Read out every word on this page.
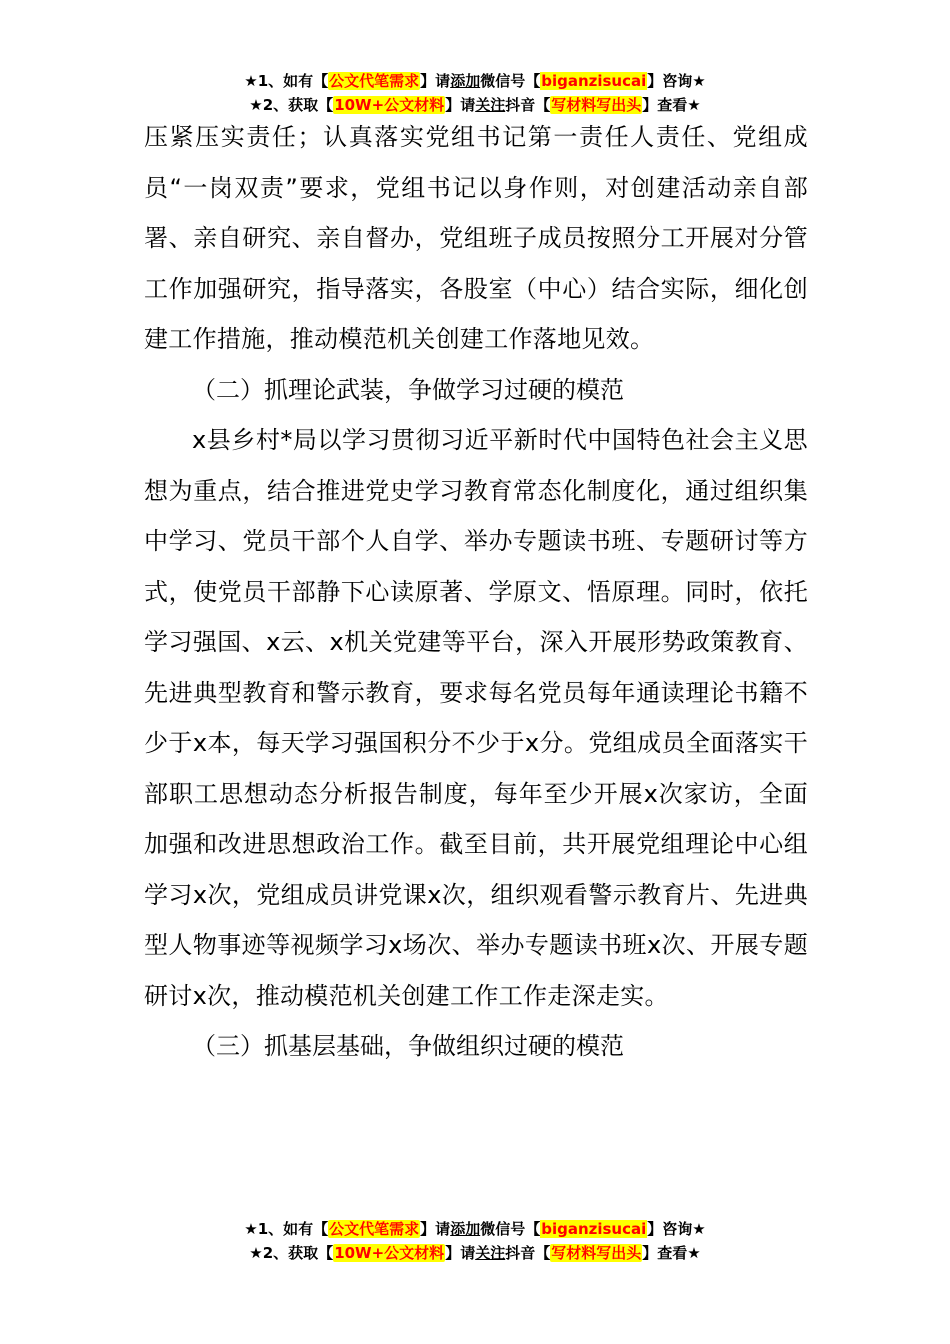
★1、如有【公文代笔需求】请添加微信号【biganzisucai】咨询★
★2、获取【10W+公文材料】请关注抖音【写材料写出头】查看★

压紧压实责任；认真落实党组书记第一责任人责任、党组成员“一岗双责”要求，党组书记以身作则，对创建活动亲自部署、亲自研究、亲自督办，党组班子成员按照分工开展对分管工作加强研究，指导落实，各股室（中心）结合实际，细化创建工作措施，推动模范机关创建工作落地见效。

（二）抓理论武装，争做学习过硬的模范

x县乡村*局以学习贯彻习近平新时代中国特色社会主义思想为重点，结合推进党史学习教育常态化制度化，通过组织集中学习、党员干部个人自学、举办专题读书班、专题研讨等方式，使党员干部静下心读原著、学原文、悟原理。同时，依托学习强国、x云、x机关党建等平台，深入开展形势政策教育、先进典型教育和警示教育，要求每名党员每年通读理论书籍不少于x本，每天学习强国积分不少于x分。党组成员全面落实干部职工思想动态分析报告制度，每年至少开展x次家访，全面加强和改进思想政治工作。截至目前，共开展党组理论中心组学习x次，党组成员讲党课x次，组织观看警示教育片、先进典型人物事迹等视频学习x场次、举办专题读书班x次、开展专题研讨x次，推动模范机关创建工作工作走深走实。

（三）抓基层基础，争做组织过硬的模范

★1、如有【公文代笔需求】请添加微信号【biganzisucai】咨询★
★2、获取【10W+公文材料】请关注抖音【写材料写出头】查看★
